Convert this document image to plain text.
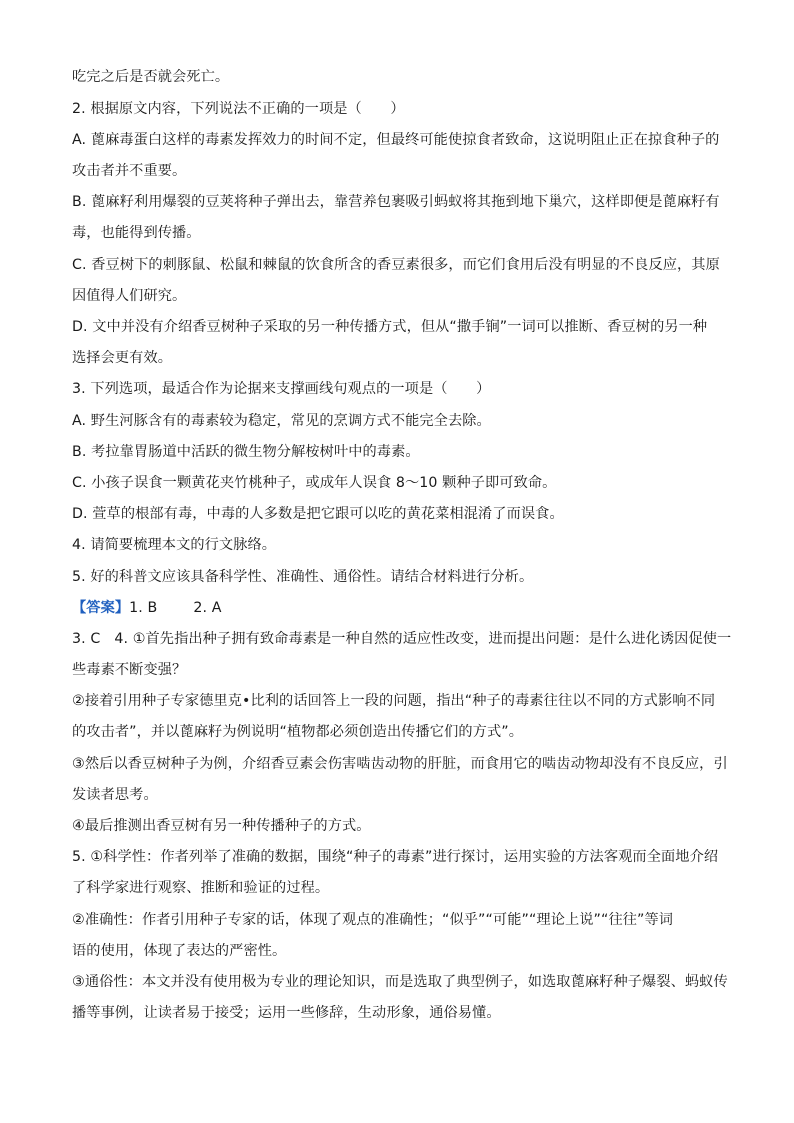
吃完之后是否就会死亡。
2. 根据原文内容，下列说法不正确的一项是（　　）
A. 蓖麻毒蛋白这样的毒素发挥效力的时间不定，但最终可能使掠食者致命，这说明阻止正在掠食种子的
攻击者并不重要。
B. 蓖麻籽利用爆裂的豆荚将种子弹出去，靠营养包裹吸引蚂蚁将其拖到地下巢穴，这样即便是蓖麻籽有
毒，也能得到传播。
C. 香豆树下的刺豚鼠、松鼠和棘鼠的饮食所含的香豆素很多，而它们食用后没有明显的不良反应，其原
因值得人们研究。
D. 文中并没有介绍香豆树种子采取的另一种传播方式，但从“撒手锏”一词可以推断、香豆树的另一种
选择会更有效。
3. 下列选项，最适合作为论据来支撑画线句观点的一项是（　　）
A. 野生河豚含有的毒素较为稳定，常见的烹调方式不能完全去除。
B. 考拉靠胃肠道中活跃的微生物分解桉树叶中的毒素。
C. 小孩子误食一颗黄花夹竹桃种子，或成年人误食 8～10 颗种子即可致命。
D. 萱草的根部有毒，中毒的人多数是把它跟可以吃的黄花菜相混淆了而误食。
4. 请简要梳理本文的行文脉络。
5. 好的科普文应该具备科学性、准确性、通俗性。请结合材料进行分析。
【答案】1. B	2. A
3. C 4. ①首先指出种子拥有致命毒素是一种自然的适应性改变，进而提出问题：是什么进化诱因促使一
些毒素不断变强？
②接着引用种子专家德里克•比利的话回答上一段的问题，指出“种子的毒素往往以不同的方式影响不同
的攻击者”，并以蓖麻籽为例说明“植物都必须创造出传播它们的方式”。
③然后以香豆树种子为例，介绍香豆素会伤害啮齿动物的肝脏，而食用它的啮齿动物却没有不良反应，引
发读者思考。
④最后推测出香豆树有另一种传播种子的方式。
5. ①科学性：作者列举了准确的数据，围绕“种子的毒素”进行探讨，运用实验的方法客观而全面地介绍
了科学家进行观察、推断和验证的过程。
②准确性：作者引用种子专家的话，体现了观点的准确性；“似乎”“可能”“理论上说”“往往”等词
语的使用，体现了表达的严密性。
③通俗性：本文并没有使用极为专业的理论知识，而是选取了典型例子，如选取蓖麻籽种子爆裂、蚂蚁传
播等事例，让读者易于接受；运用一些修辞，生动形象，通俗易懂。
